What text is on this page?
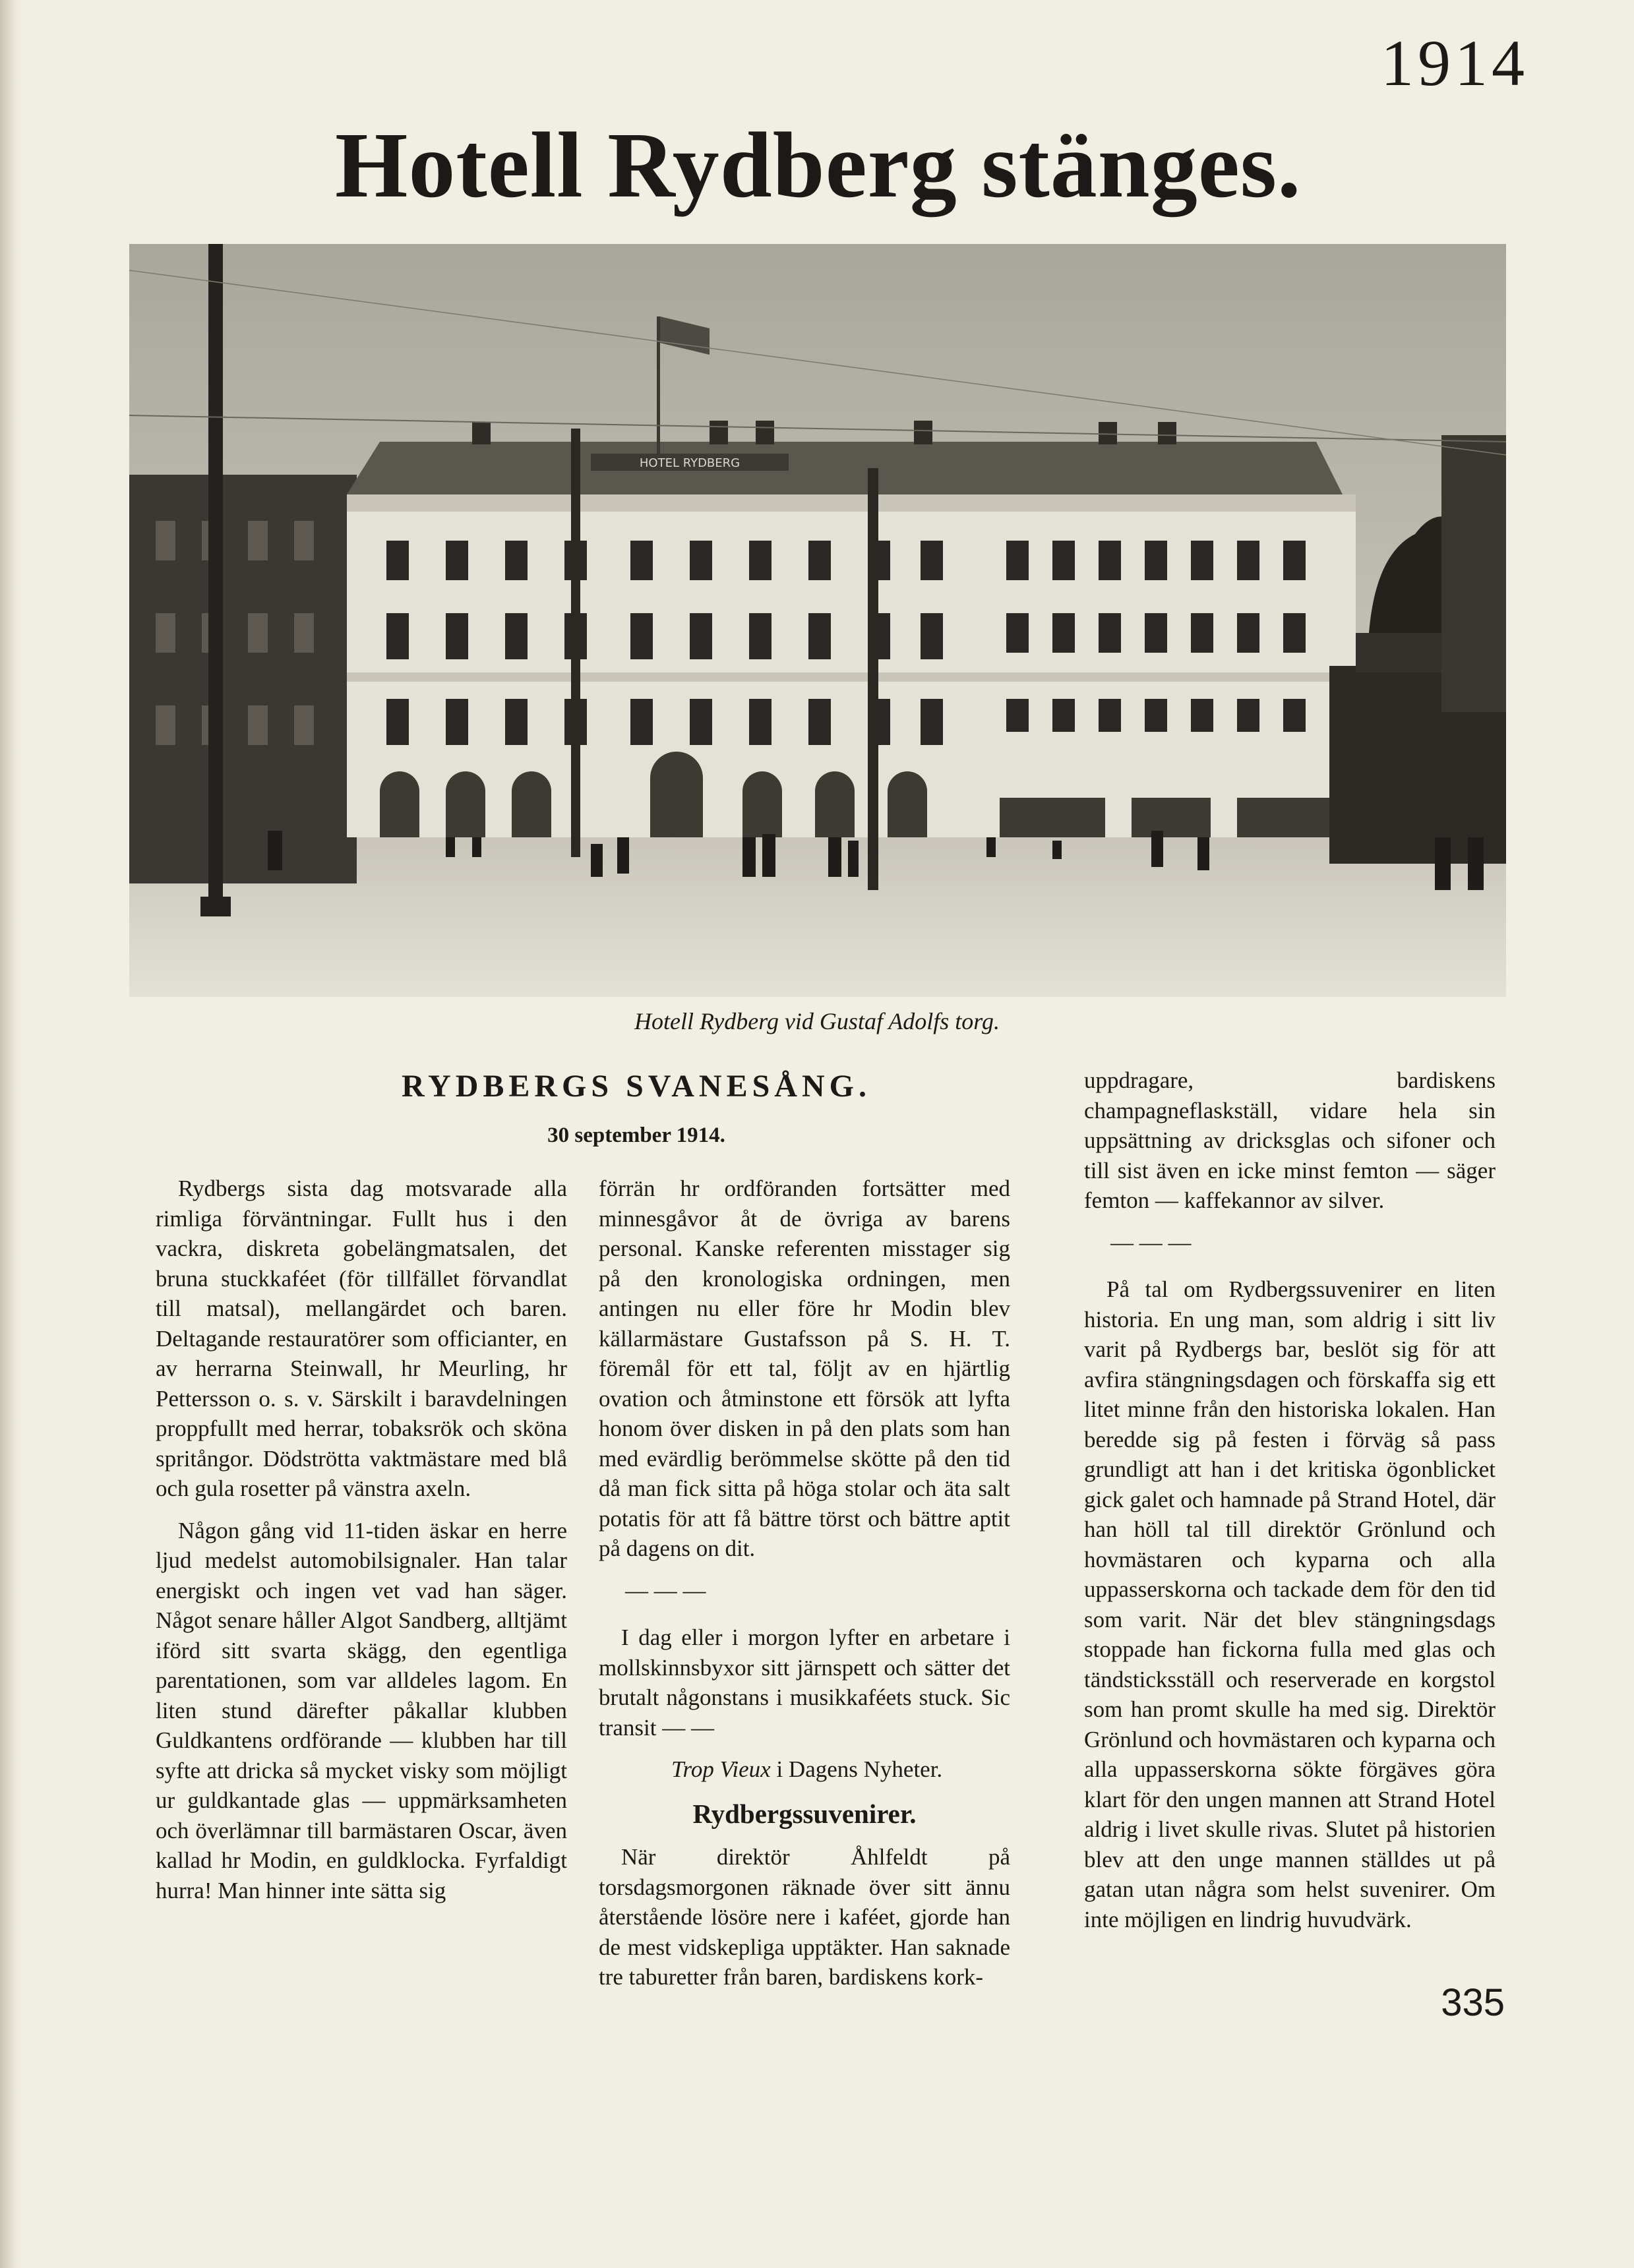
1914
Hotell Rydberg stänges.
HOTEL RYDBERG
Hotell Rydberg vid Gustaf Adolfs torg.
RYDBERGS SVANESÅNG.
30 september 1914.

Rydbergs sista dag motsvarade alla rimliga förväntningar. Fullt hus i den vackra, diskreta gobelängmatsalen, det bruna stuckkaféet (för tillfället förvandlat till matsal), mellangärdet och baren. Deltagande restauratörer som officianter, en av herrarna Steinwall, hr Meurling, hr Pettersson o. s. v. Särskilt i baravdelningen proppfullt med herrar, tobaksrök och sköna spritångor. Dödströtta vaktmästare med blå och gula rosetter på vänstra axeln.

Någon gång vid 11-tiden äskar en herre ljud medelst automobilsignaler. Han talar energiskt och ingen vet vad han säger. Något senare håller Algot Sandberg, alltjämt iförd sitt svarta skägg, den egentliga parentationen, som var alldeles lagom. En liten stund därefter påkallar klubben Guldkantens ordförande — klubben har till syfte att dricka så mycket visky som möjligt ur guldkantade glas — uppmärksamheten och överlämnar till barmästaren Oscar, även kallad hr Modin, en guldklocka. Fyrfaldigt hurra! Man hinner inte sätta sig

förrän hr ordföranden fortsätter med minnesgåvor åt de övriga av barens personal. Kanske referenten misstager sig på den kronologiska ordningen, men antingen nu eller före hr Modin blev källarmästare Gustafsson på S. H. T. föremål för ett tal, följt av en hjärtlig ovation och åtminstone ett försök att lyfta honom över disken in på den plats som han med evärdlig berömmelse skötte på den tid då man fick sitta på höga stolar och äta salt potatis för att få bättre törst och bättre aptit på dagens on dit.

— — —

I dag eller i morgon lyfter en arbetare i mollskinnsbyxor sitt järnspett och sätter det brutalt någonstans i musikkaféets stuck. Sic transit — —

Trop Vieux i Dagens Nyheter.

Rydbergssuvenirer.

När direktör Åhlfeldt på torsdagsmorgonen räknade över sitt ännu återstående lösöre nere i kaféet, gjorde han de mest vidskepliga upptäkter. Han saknade tre taburetter från baren, bardiskens kork-

uppdragare, bardiskens champagneflaskställ, vidare hela sin uppsättning av dricksglas och sifoner och till sist även en icke minst femton — säger femton — kaffekannor av silver.

— — —

På tal om Rydbergssuvenirer en liten historia. En ung man, som aldrig i sitt liv varit på Rydbergs bar, beslöt sig för att avfira stängningsdagen och förskaffa sig ett litet minne från den historiska lokalen. Han beredde sig på festen i förväg så pass grundligt att han i det kritiska ögonblicket gick galet och hamnade på Strand Hotel, där han höll tal till direktör Grönlund och hovmästaren och kyparna och alla uppasserskorna och tackade dem för den tid som varit. När det blev stängningsdags stoppade han fickorna fulla med glas och tändsticksställ och reserverade en korgstol som han promt skulle ha med sig. Direktör Grönlund och hovmästaren och kyparna och alla uppasserskorna sökte förgäves göra klart för den ungen mannen att Strand Hotel aldrig i livet skulle rivas. Slutet på historien blev att den unge mannen ställdes ut på gatan utan några som helst suvenirer. Om inte möjligen en lindrig huvudvärk.

335
